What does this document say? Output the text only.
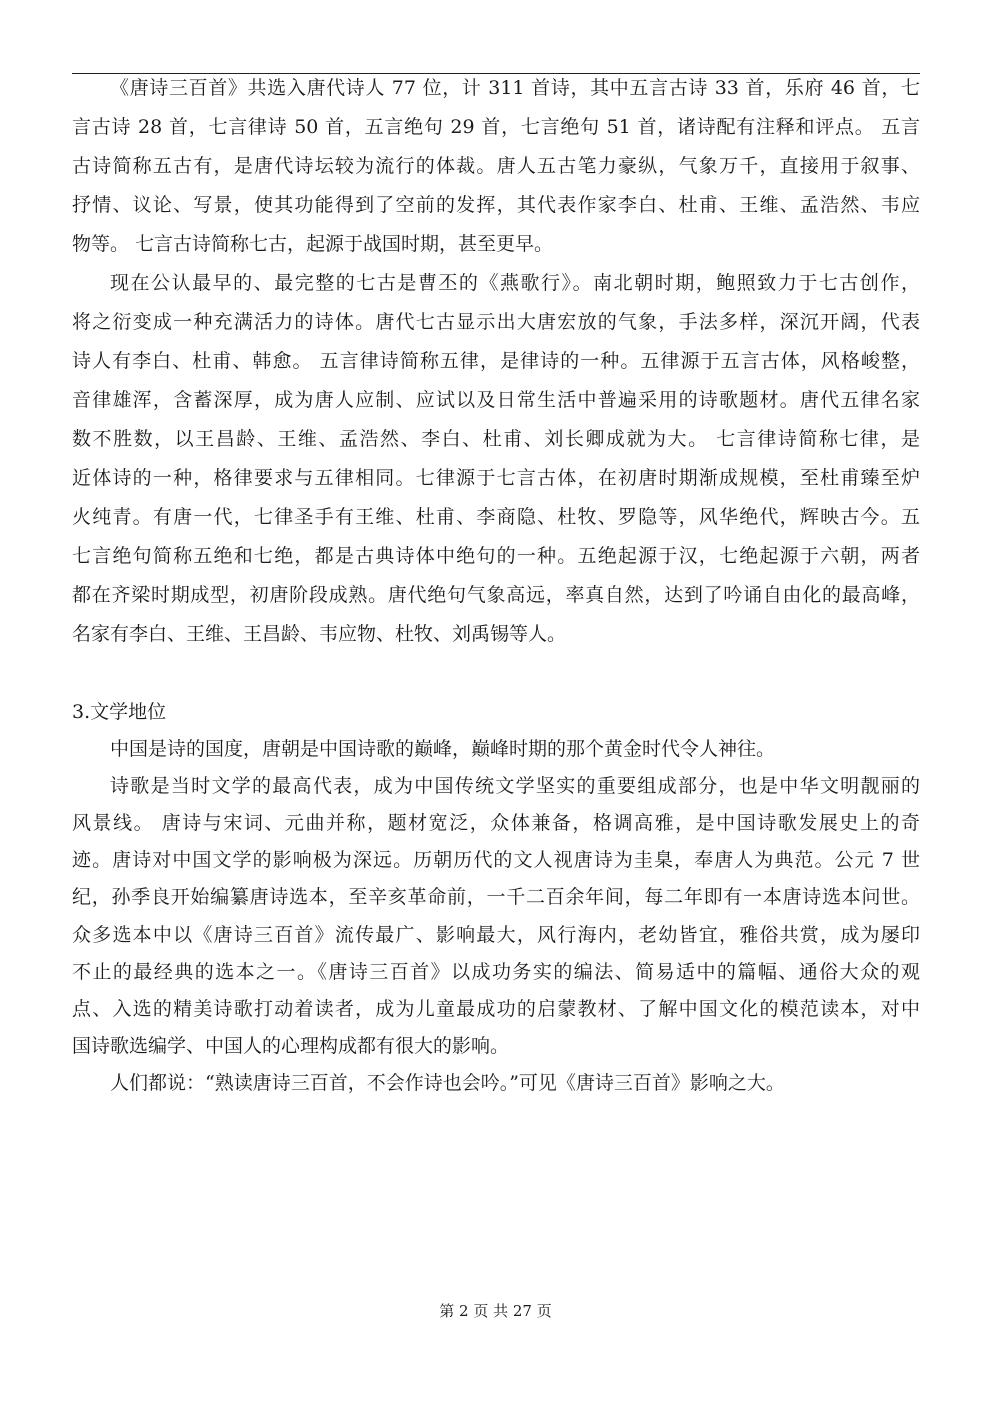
《唐诗三百首》共选入唐代诗人 77 位，计 311 首诗，其中五言古诗 33 首，乐府 46 首，七
言古诗 28 首，七言律诗 50 首，五言绝句 29 首，七言绝句 51 首，诸诗配有注释和评点。 五言
古诗简称五古有，是唐代诗坛较为流行的体裁。唐人五古笔力豪纵，气象万千，直接用于叙事、
抒情、议论、写景，使其功能得到了空前的发挥，其代表作家李白、杜甫、王维、孟浩然、韦应
物等。 七言古诗简称七古，起源于战国时期，甚至更早。
现在公认最早的、最完整的七古是曹丕的《燕歌行》。南北朝时期，鲍照致力于七古创作，
将之衍变成一种充满活力的诗体。唐代七古显示出大唐宏放的气象，手法多样，深沉开阔，代表
诗人有李白、杜甫、韩愈。 五言律诗简称五律，是律诗的一种。五律源于五言古体，风格峻整，
音律雄浑，含蓄深厚，成为唐人应制、应试以及日常生活中普遍采用的诗歌题材。唐代五律名家
数不胜数，以王昌龄、王维、孟浩然、李白、杜甫、刘长卿成就为大。 七言律诗简称七律，是
近体诗的一种，格律要求与五律相同。七律源于七言古体，在初唐时期渐成规模，至杜甫臻至炉
火纯青。有唐一代，七律圣手有王维、杜甫、李商隐、杜牧、罗隐等，风华绝代，辉映古今。五
七言绝句简称五绝和七绝，都是古典诗体中绝句的一种。五绝起源于汉，七绝起源于六朝，两者
都在齐梁时期成型，初唐阶段成熟。唐代绝句气象高远，率真自然，达到了吟诵自由化的最高峰，
名家有李白、王维、王昌龄、韦应物、杜牧、刘禹锡等人。
3.文学地位
中国是诗的国度，唐朝是中国诗歌的巅峰，巅峰时期的那个黄金时代令人神往。
诗歌是当时文学的最高代表，成为中国传统文学坚实的重要组成部分，也是中华文明靓丽的
风景线。 唐诗与宋词、元曲并称，题材宽泛，众体兼备，格调高雅，是中国诗歌发展史上的奇
迹。唐诗对中国文学的影响极为深远。历朝历代的文人视唐诗为圭臬，奉唐人为典范。公元 7 世
纪，孙季良开始编纂唐诗选本，至辛亥革命前，一千二百余年间，每二年即有一本唐诗选本问世。
众多选本中以《唐诗三百首》流传最广、影响最大，风行海内，老幼皆宜，雅俗共赏，成为屡印
不止的最经典的选本之一。《唐诗三百首》以成功务实的编法、简易适中的篇幅、通俗大众的观
点、入选的精美诗歌打动着读者，成为儿童最成功的启蒙教材、了解中国文化的模范读本，对中
国诗歌选编学、中国人的心理构成都有很大的影响。
人们都说：“熟读唐诗三百首，不会作诗也会吟。”可见《唐诗三百首》影响之大。
第 2 页 共 27 页
